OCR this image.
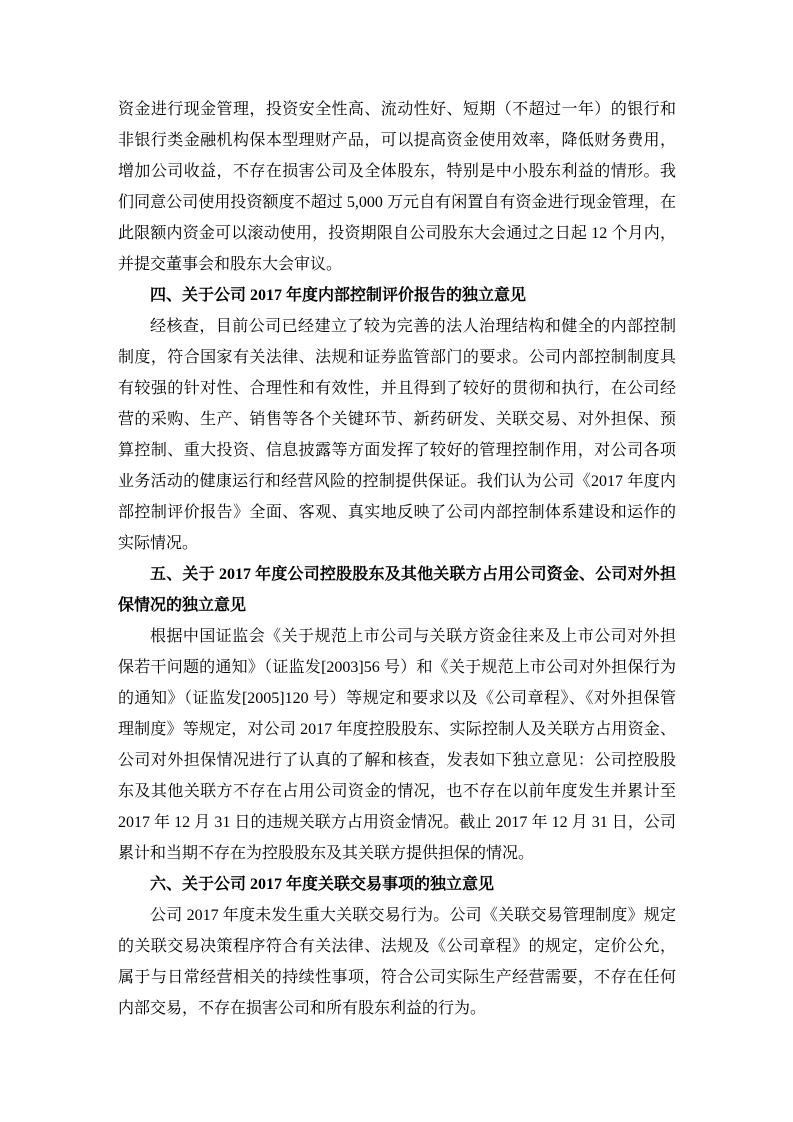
资金进行现金管理，投资安全性高、流动性好、短期（不超过一年）的银行和非银行类金融机构保本型理财产品，可以提高资金使用效率，降低财务费用，增加公司收益，不存在损害公司及全体股东，特别是中小股东利益的情形。我们同意公司使用投资额度不超过 5,000 万元自有闲置自有资金进行现金管理，在此限额内资金可以滚动使用，投资期限自公司股东大会通过之日起 12 个月内，并提交董事会和股东大会审议。

四、关于公司 2017 年度内部控制评价报告的独立意见

经核查，目前公司已经建立了较为完善的法人治理结构和健全的内部控制制度，符合国家有关法律、法规和证券监管部门的要求。公司内部控制制度具有较强的针对性、合理性和有效性，并且得到了较好的贯彻和执行，在公司经营的采购、生产、销售等各个关键环节、新药研发、关联交易、对外担保、预算控制、重大投资、信息披露等方面发挥了较好的管理控制作用，对公司各项业务活动的健康运行和经营风险的控制提供保证。我们认为公司《2017 年度内部控制评价报告》全面、客观、真实地反映了公司内部控制体系建设和运作的实际情况。

五、关于 2017 年度公司控股股东及其他关联方占用公司资金、公司对外担保情况的独立意见

根据中国证监会《关于规范上市公司与关联方资金往来及上市公司对外担保若干问题的通知》（证监发[2003]56 号）和《关于规范上市公司对外担保行为的通知》（证监发[2005]120 号）等规定和要求以及《公司章程》、《对外担保管理制度》等规定，对公司 2017 年度控股股东、实际控制人及关联方占用资金、 公司对外担保情况进行了认真的了解和核查，发表如下独立意见：公司控股股东及其他关联方不存在占用公司资金的情况，也不存在以前年度发生并累计至 2017 年 12 月 31 日的违规关联方占用资金情况。截止 2017 年 12 月 31 日，公司累计和当期不存在为控股股东及其关联方提供担保的情况。

六、关于公司 2017 年度关联交易事项的独立意见

公司 2017 年度未发生重大关联交易行为。公司《关联交易管理制度》规定的关联交易决策程序符合有关法律、法规及《公司章程》的规定，定价公允，属于与日常经营相关的持续性事项，符合公司实际生产经营需要，不存在任何内部交易，不存在损害公司和所有股东利益的行为。
